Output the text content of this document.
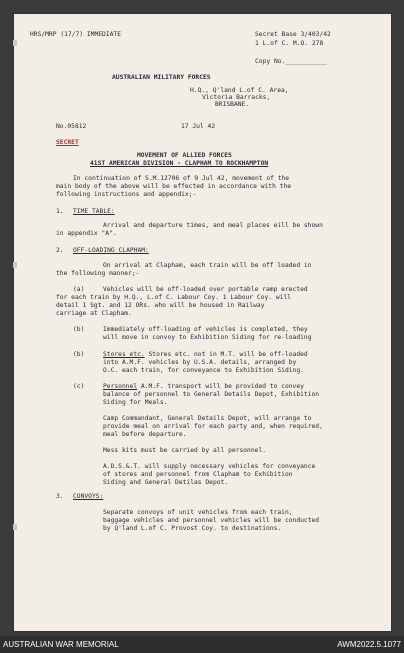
HRS/MRP (17/7) IMMEDIATE	Secret Base 3/403/42
1 L.of C. M.O. 278
Copy No.___________
AUSTRALIAN MILITARY FORCES
H.Q., Q'land L.of C. Area,
Victoria Barracks,
BRISBANE.
No.05812	17 Jul 42
SECRET
MOVEMENT OF ALLIED FORCES
41ST AMERICAN DIVISION - CLAPHAM TO ROCKHAMPTON
In continuation of S.M.12706 of 9 Jul 42, movement of the
main body of the above will be effected in accordance with the
following instructions and appendix;-
1. TIME TABLE:
Arrival and departure times, and meal places eill be shown
in appendix "A".
2. OFF-LOADING CLAPHAM:
On arrival at Clapham, each train will be off loaded in
the following manner;-
(a)	Vehicles will be off-loaded over portable ramp erected
for each train by H.Q., L.of C. Labour Coy. 1 Labour Coy. will
detail 1 Sgt. and 12 ORs. who will be housed in Railway
carriage at Clapham.
(b)	Immediately off-loading of vehicles is completed, they
will move in convoy to Exhibition Siding for re-loading
(b)	Stores etc. Stores etc. not in M.T. will be off-loaded
into A.M.F. vehicles by U.S.A. details, arranged by
O.C. each train, for conveyance to Exhibition Siding.
(c)	Personnel A.M.F. transport will be provided to convey
balance of personnel to General Details Depot, Exhibition
Siding for Meals.
Camp Commandant, General Details Depot, will arrange to
provide meal on arrival for each party and, when required,
meal before departure.
Mess kits must be carried by all personnel.
A.D.S.&.T. will supply necessary vehicles for conveyance
of stores and personnel from Clapham to Exhibition
Siding and General Detilas Depot.
3. CONVOYS:
Separate convoys of unit vehicles from each train,
baggage vehicles and personnel vehicles will be conducted
by Q'land L.of C. Provost Coy. to destinations.
AUSTRALIAN WAR MEMORIAL	AWM2022.5.1077
